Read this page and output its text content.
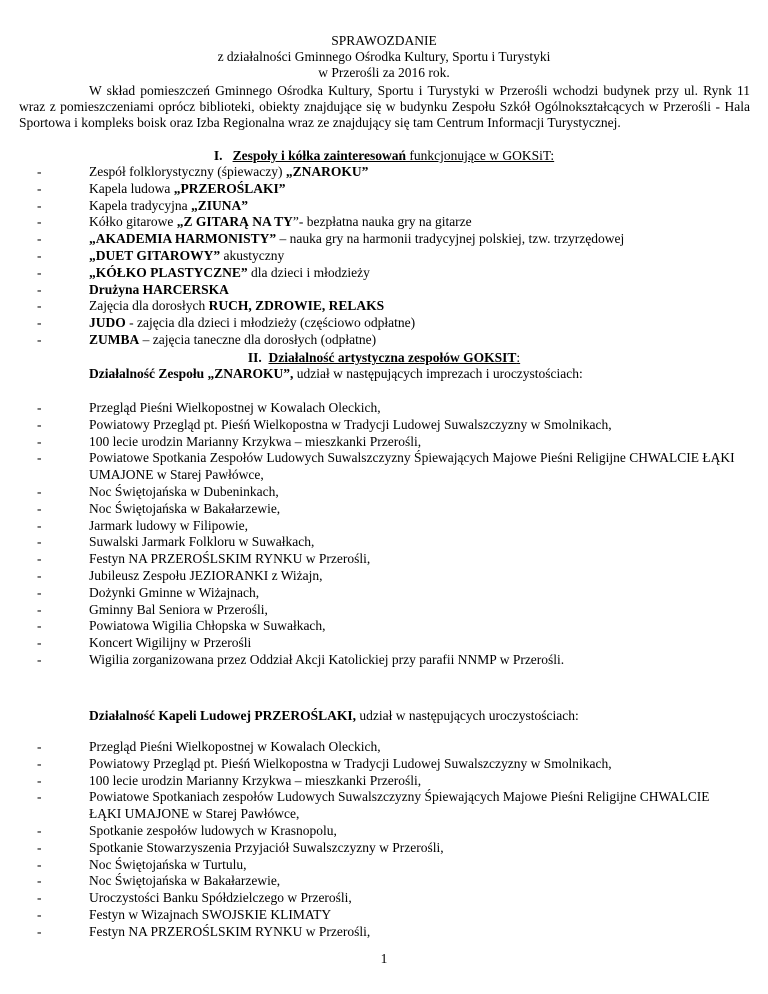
SPRAWOZDANIE
z działalności Gminnego Ośrodka Kultury, Sportu i Turystyki
w Przerośli za 2016 rok.
W skład pomieszczeń Gminnego Ośrodka Kultury, Sportu i Turystyki w Przerośli wchodzi budynek przy ul. Rynk 11 wraz z pomieszczeniami oprócz biblioteki, obiekty znajdujące się w budynku Zespołu Szkół Ogólnokształcących w Przerośli - Hala Sportowa i kompleks boisk oraz Izba Regionalna wraz ze znajdujący się tam Centrum Informacji Turystycznej.
I. Zespoły i kółka zainteresowań funkcjonujące w GOKSiT:
-	Zespół folklorystyczny (śpiewaczy) „ZNAROKU”
-	Kapela ludowa „PRZEROŚLAKI”
-	Kapela tradycyjna „ZIUNA”
-	Kółko gitarowe „Z GITARĄ NA TY”- bezpłatna nauka gry na gitarze
-	„AKADEMIA HARMONISTY” – nauka gry na harmonii tradycyjnej polskiej, tzw. trzyrzędowej
-	„DUET GITAROWY” akustyczny
-	„KÓŁKO PLASTYCZNE” dla dzieci i młodzieży
-	Drużyna HARCERSKA
-	Zajęcia dla dorosłych RUCH, ZDROWIE, RELAKS
-	JUDO - zajęcia dla dzieci i młodzieży (częściowo odpłatne)
-	ZUMBA – zajęcia taneczne dla dorosłych (odpłatne)
II. Działalność artystyczna zespołów GOKSIT:
Działalność Zespołu „ZNAROKU”, udział w następujących imprezach i uroczystościach:
-	Przegląd Pieśni Wielkopostnej w Kowalach Oleckich,
-	Powiatowy Przegląd pt. Pieśń Wielkopostna w Tradycji Ludowej Suwalszczyzny w Smolnikach,
-	100 lecie urodzin Marianny Krzykwa – mieszkanki Przerośli,
-	Powiatowe Spotkania Zespołów Ludowych Suwalszczyzny Śpiewających Majowe Pieśni Religijne CHWALCIE ŁĄKI UMAJONE w Starej Pawłówce,
-	Noc Świętojańska w Dubeninkach,
-	Noc Świętojańska w Bakałarzewie,
-	Jarmark ludowy w Filipowie,
-	Suwalski Jarmark Folkloru w Suwałkach,
-	Festyn NA PRZEROŚLSKIM RYNKU w Przerośli,
-	Jubileusz Zespołu JEZIORANKI z Wiżajn,
-	Dożynki Gminne w Wiżajnach,
-	Gminny Bal Seniora w Przerośli,
-	Powiatowa Wigilia Chłopska w Suwałkach,
-	Koncert Wigilijny w Przerośli
-	Wigilia zorganizowana przez Oddział Akcji Katolickiej przy parafii NNMP w Przerośli.
Działalność Kapeli Ludowej PRZEROŚLAKI, udział w następujących uroczystościach:
-	Przegląd Pieśni Wielkopostnej w Kowalach Oleckich,
-	Powiatowy Przegląd pt. Pieśń Wielkopostna w Tradycji Ludowej Suwalszczyzny w Smolnikach,
-	100 lecie urodzin Marianny Krzykwa – mieszkanki Przerośli,
-	Powiatowe Spotkaniach zespołów Ludowych Suwalszczyzny Śpiewających Majowe Pieśni Religijne CHWALCIE ŁĄKI UMAJONE w Starej Pawłówce,
-	Spotkanie zespołów ludowych w Krasnopolu,
-	Spotkanie Stowarzyszenia Przyjaciół Suwalszczyzny w Przerośli,
-	Noc Świętojańska w Turtulu,
-	Noc Świętojańska w Bakałarzewie,
-	Uroczystości Banku Spółdzielczego w Przerośli,
-	Festyn w Wizajnach SWOJSKIE KLIMATY
-	Festyn NA PRZEROŚLSKIM RYNKU w Przerośli,
1
